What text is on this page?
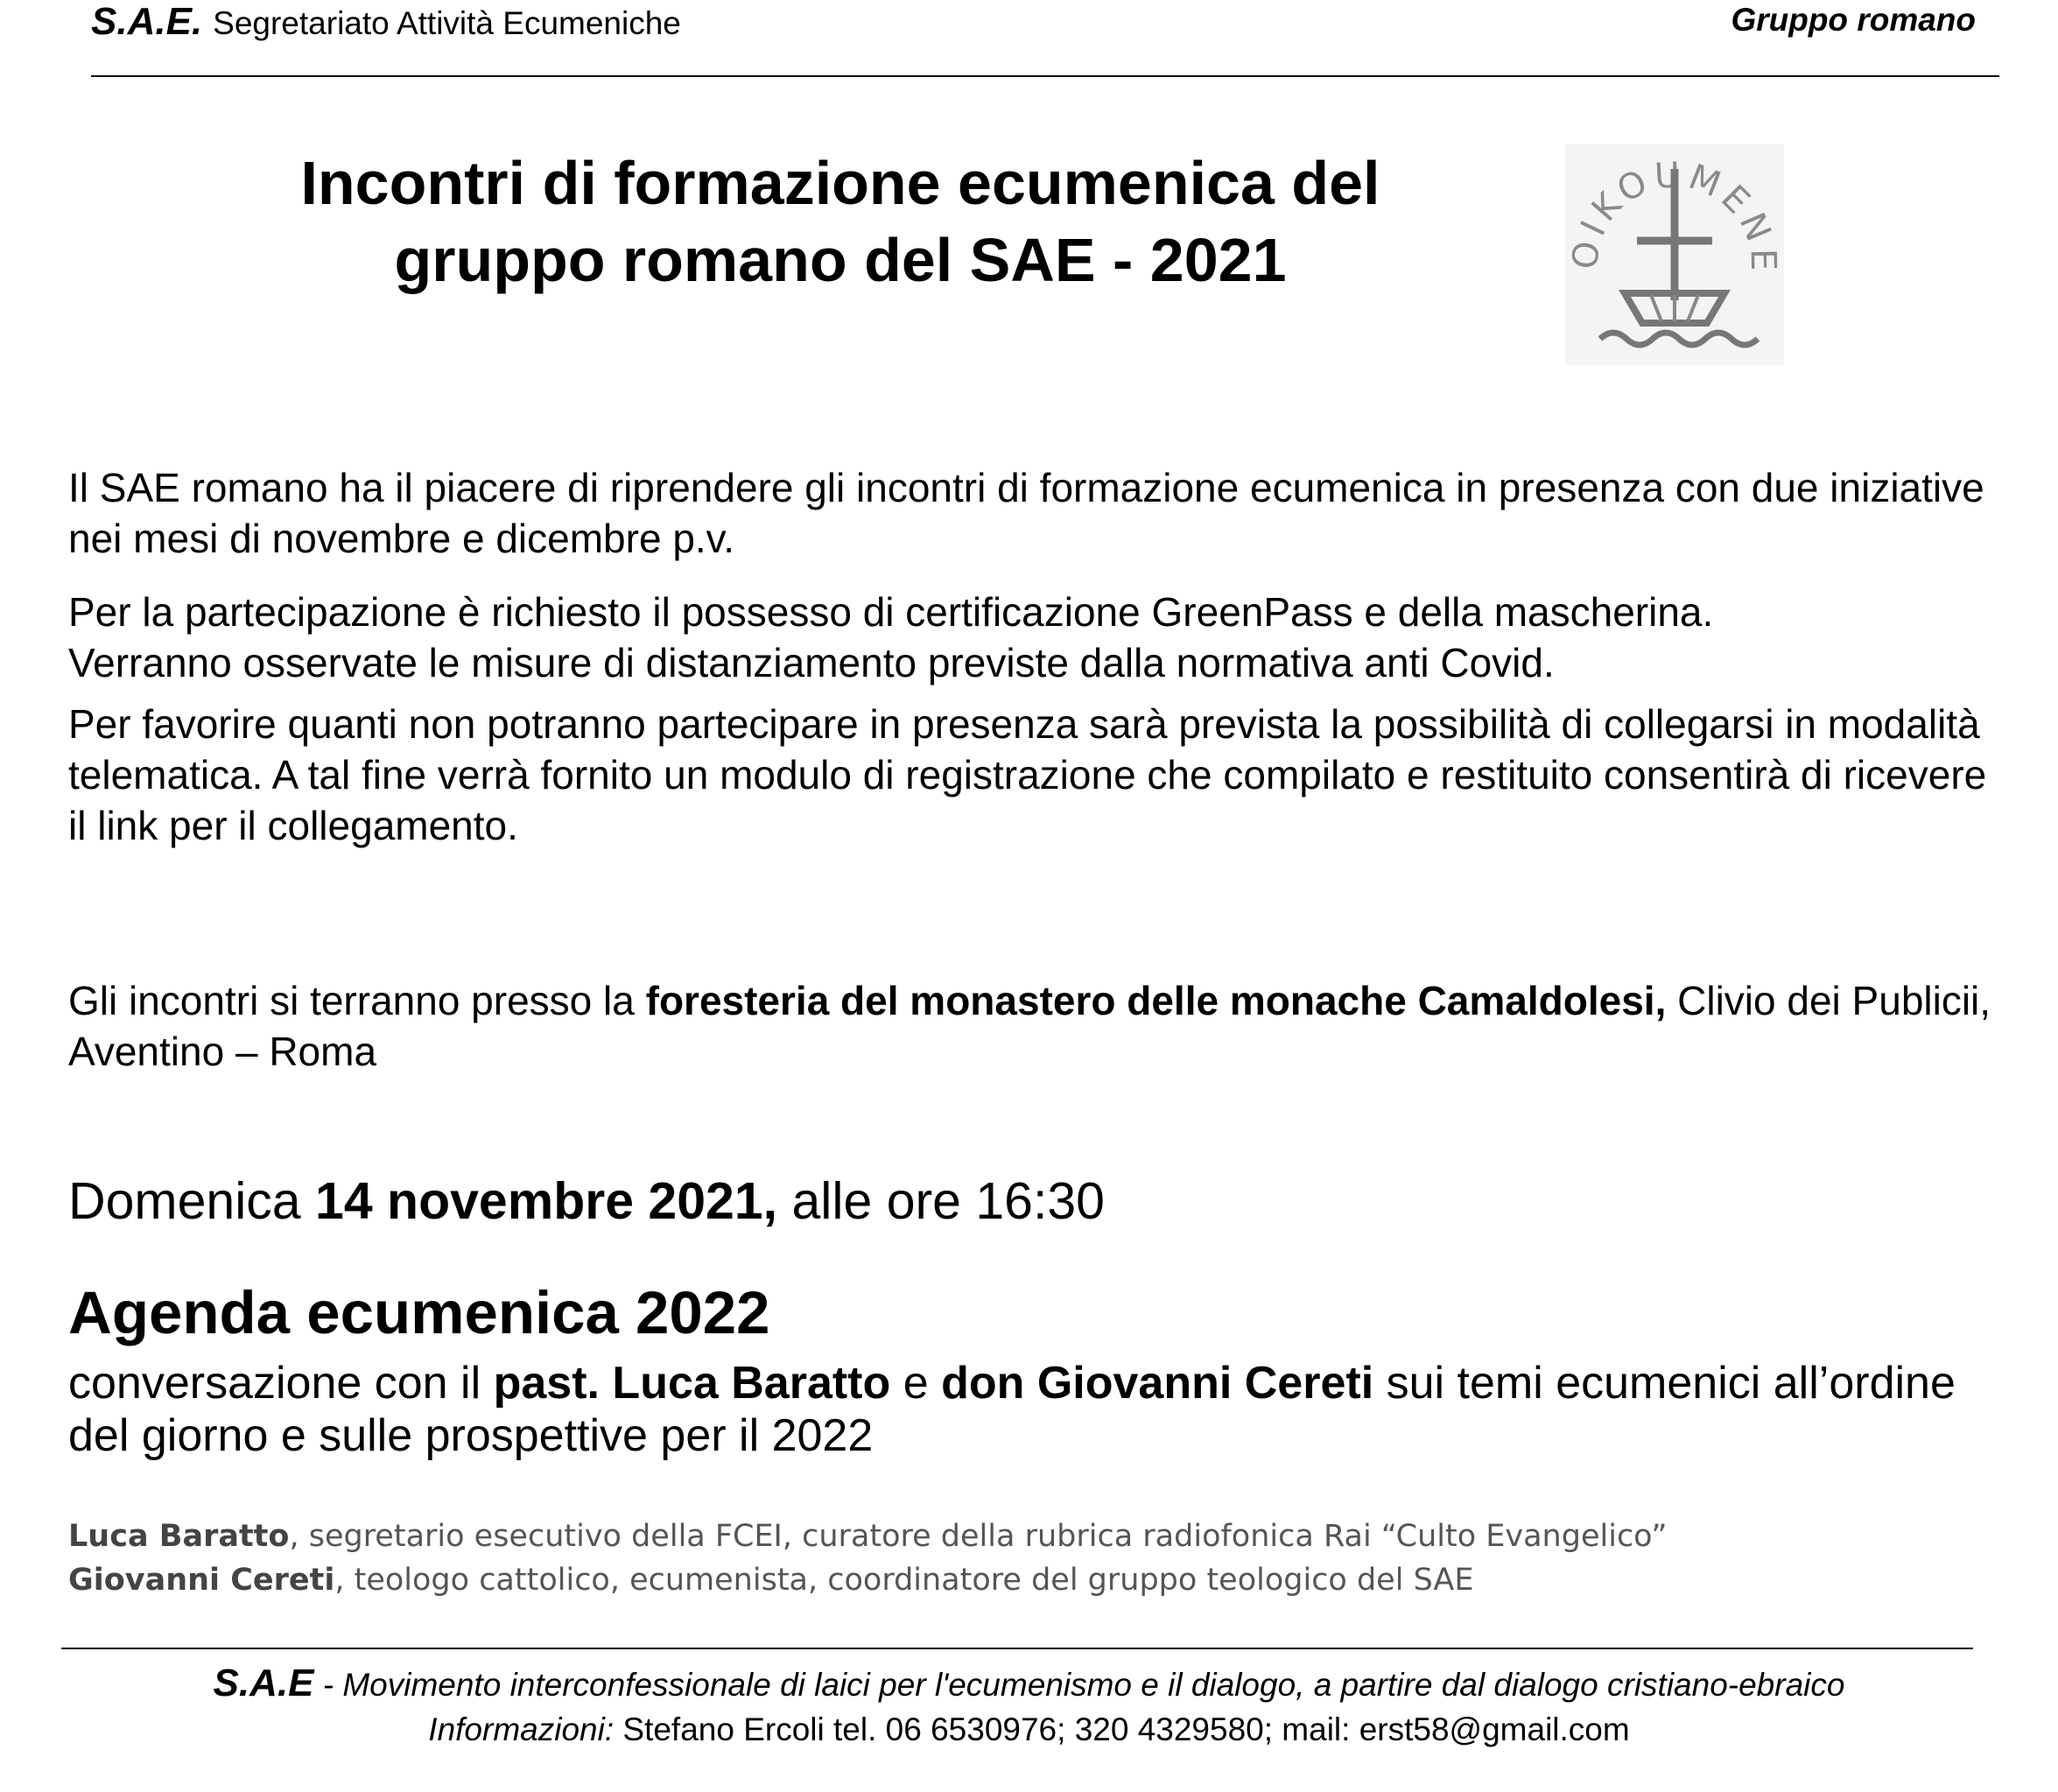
S.A.E. Segretariato Attività Ecumeniche	Gruppo romano
Incontri di formazione ecumenica del
gruppo romano del SAE - 2021	OIKOUMENE

Il SAE romano ha il piacere di riprendere gli incontri di formazione ecumenica in presenza con due iniziative nei mesi di novembre e dicembre p.v.

Per la partecipazione è richiesto il possesso di certificazione GreenPass e della mascherina.
Verranno osservate le misure di distanziamento previste dalla normativa anti Covid.

Per favorire quanti non potranno partecipare in presenza sarà prevista la possibilità di collegarsi in modalità telematica. A tal fine verrà fornito un modulo di registrazione che compilato e restituito consentirà di ricevere il link per il collegamento.

Gli incontri si terranno presso la foresteria del monastero delle monache Camaldolesi, Clivio dei Publicii, Aventino – Roma

Domenica 14 novembre 2021, alle ore 16:30
Agenda ecumenica 2022

conversazione con il past. Luca Baratto e don Giovanni Cereti sui temi ecumenici all’ordine del giorno e sulle prospettive per il 2022

Luca Baratto, segretario esecutivo della FCEI, curatore della rubrica radiofonica Rai “Culto Evangelico”

Giovanni Cereti, teologo cattolico, ecumenista, coordinatore del gruppo teologico del SAE

S.A.E - Movimento interconfessionale di laici per l'ecumenismo e il dialogo, a partire dal dialogo cristiano-ebraico
Informazioni: Stefano Ercoli tel. 06 6530976; 320 4329580; mail: erst58@gmail.com
